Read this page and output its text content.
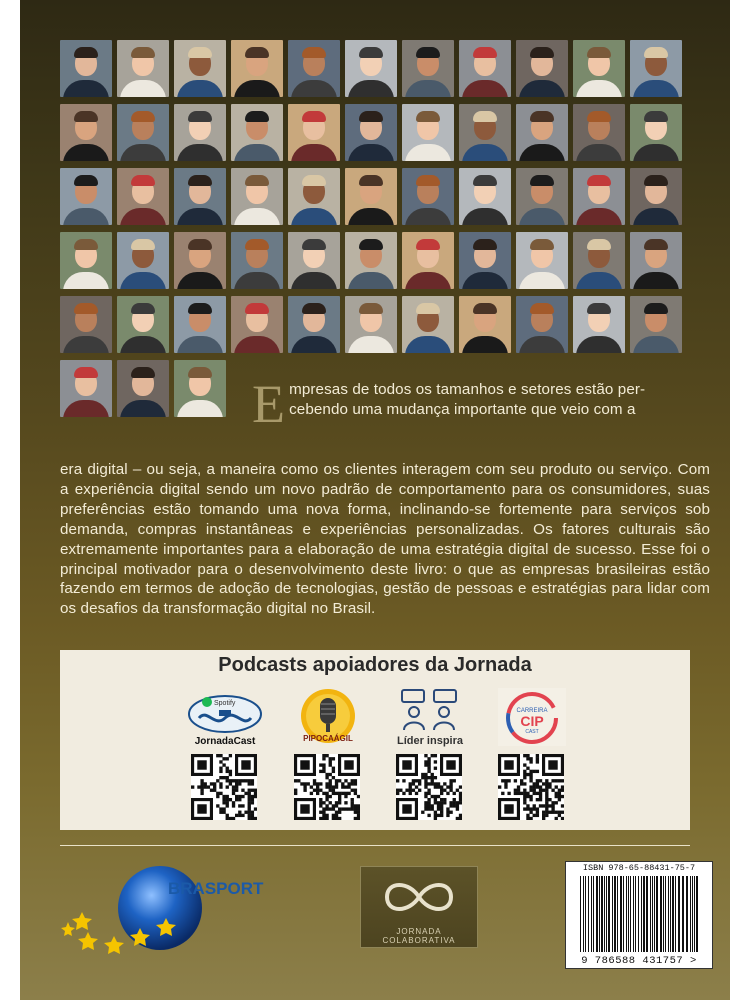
E mpresas de todos os tamanhos e setores estão per-
cebendo uma mudança importante que veio com a
era digital – ou seja, a maneira como os clientes interagem com seu produto ou serviço. Com a experiência digital sendo um novo padrão de comportamento para os consumidores, suas preferências estão tomando uma nova forma, inclinando-se fortemente para serviços sob demanda, compras instantâneas e experiências personalizadas. Os fatores culturais são extremamente importantes para a elaboração de uma estratégia digital de sucesso. Esse foi o principal motivador para o desenvolvimento deste livro: o que as empresas brasileiras estão fazendo em termos de adoção de tecnologias, gestão de pessoas e estratégias para lidar com os desafios da transformação digital no Brasil.
Podcasts apoiadores da Jornada
Spotify
JornadaCast	PIPOCAÁGIL	Líder inspira
CARREIRA
CIP
CAST
BRASPORT
JORNADA COLABORATIVA
ISBN 978-65-88431-75-7
9 786588 431757 >
